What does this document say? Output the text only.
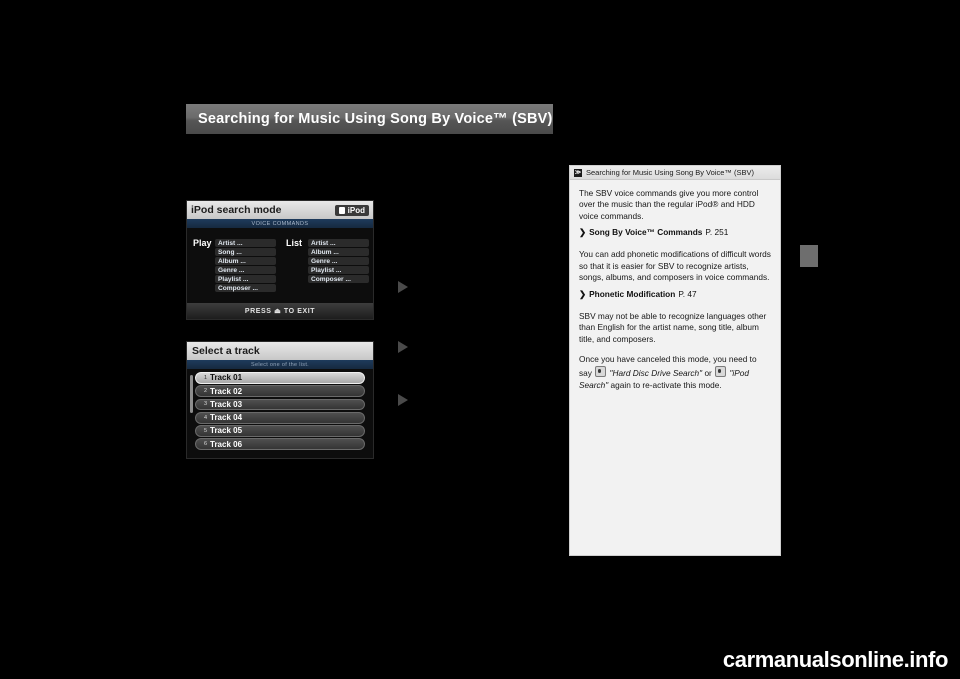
Searching for Music Using Song By Voice™ (SBV)
iPod search mode	iPod
VOICE COMMANDS
Play Artist ...
Song ...
Album ...
Genre ...
Playlist ...
Composer ...
List	Artist ...
Album ...
Genre ...
Playlist ...
Composer ...
PRESS ⏏ TO EXIT
Select a track
Select one of the list.
1 Track 01
2 Track 02
3 Track 03
4 Track 04
5 Track 05
6 Track 06
≫ Searching for Music Using Song By Voice™ (SBV)

The SBV voice commands give you more control over the music than the regular iPod® and HDD voice commands.

❯ Song By Voice™ Commands P. 251

You can add phonetic modifications of difficult words so that it is easier for SBV to recognize artists, songs, albums, and composers in voice commands.

❯ Phonetic Modification P. 47

SBV may not be able to recognize languages other than English for the artist name, song title, album title, and composers.

Once you have canceled this mode, you need to say "Hard Disc Drive Search" or "iPod Search" again to re-activate this mode.

carmanualsonline.info
